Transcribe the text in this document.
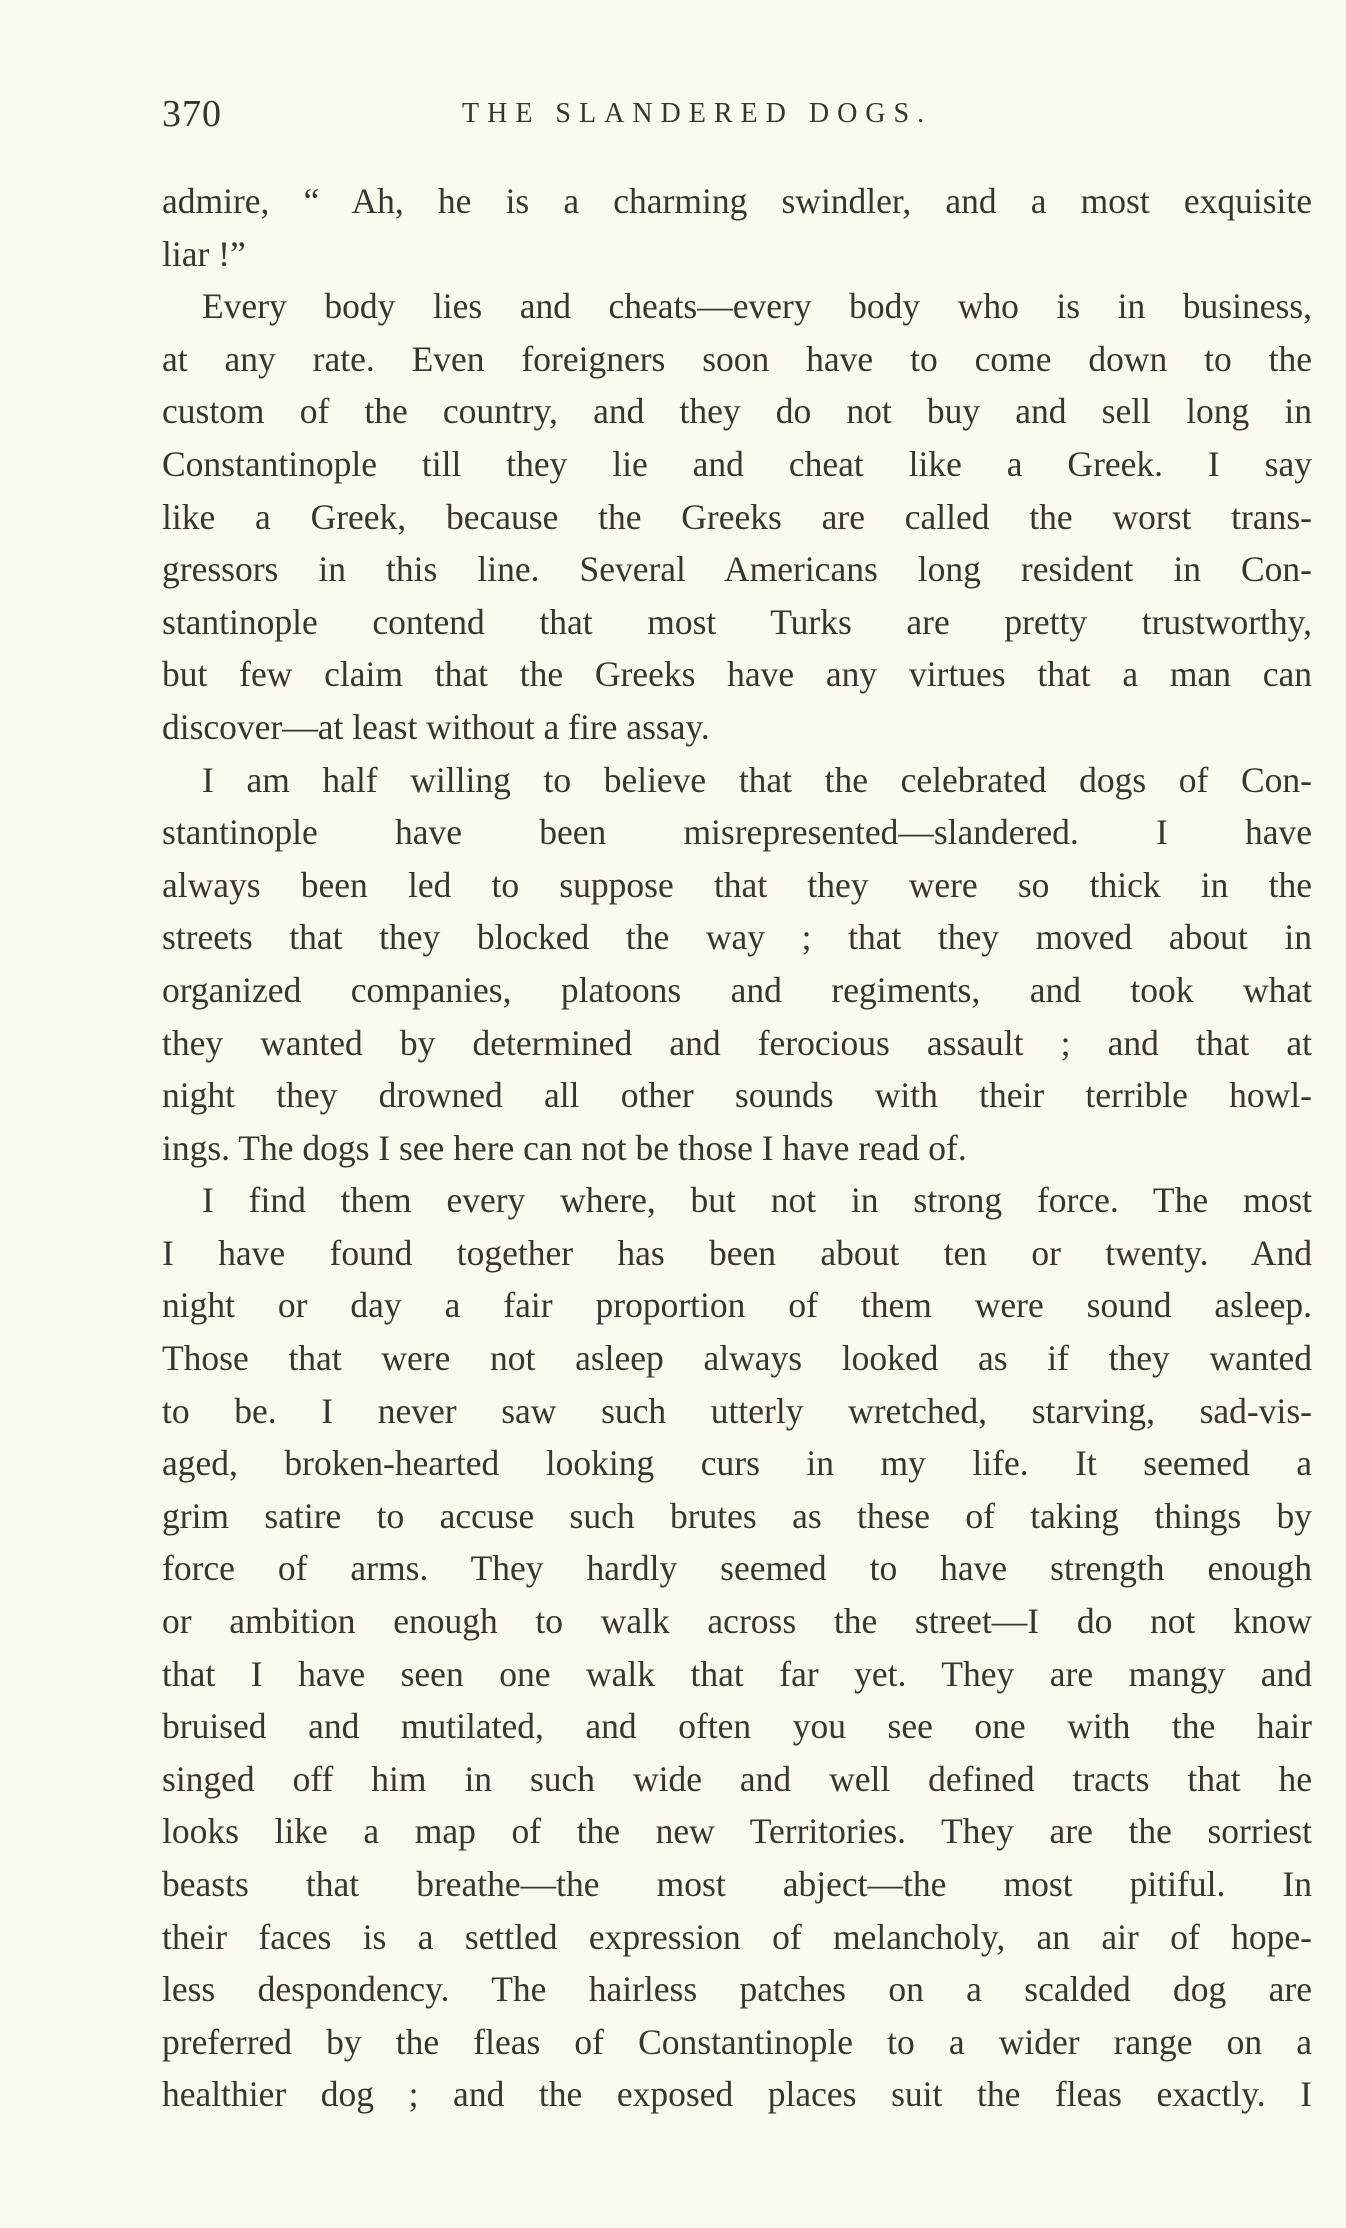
370	THE SLANDERED DOGS.
admire, “ Ah, he is a charming swindler, and a most exquisite
liar !”
Every body lies and cheats—every body who is in business,
at any rate. Even foreigners soon have to come down to the
custom of the country, and they do not buy and sell long in
Constantinople till they lie and cheat like a Greek. I say
like a Greek, because the Greeks are called the worst trans-
gressors in this line. Several Americans long resident in Con-
stantinople contend that most Turks are pretty trustworthy,
but few claim that the Greeks have any virtues that a man can
discover—at least without a fire assay.
I am half willing to believe that the celebrated dogs of Con-
stantinople have been misrepresented—slandered. I have
always been led to suppose that they were so thick in the
streets that they blocked the way ; that they moved about in
organized companies, platoons and regiments, and took what
they wanted by determined and ferocious assault ; and that at
night they drowned all other sounds with their terrible howl-
ings. The dogs I see here can not be those I have read of.
I find them every where, but not in strong force. The most
I have found together has been about ten or twenty. And
night or day a fair proportion of them were sound asleep.
Those that were not asleep always looked as if they wanted
to be. I never saw such utterly wretched, starving, sad-vis-
aged, broken-hearted looking curs in my life. It seemed a
grim satire to accuse such brutes as these of taking things by
force of arms. They hardly seemed to have strength enough
or ambition enough to walk across the street—I do not know
that I have seen one walk that far yet. They are mangy and
bruised and mutilated, and often you see one with the hair
singed off him in such wide and well defined tracts that he
looks like a map of the new Territories. They are the sorriest
beasts that breathe—the most abject—the most pitiful. In
their faces is a settled expression of melancholy, an air of hope-
less despondency. The hairless patches on a scalded dog are
preferred by the fleas of Constantinople to a wider range on a
healthier dog ; and the exposed places suit the fleas exactly. I
